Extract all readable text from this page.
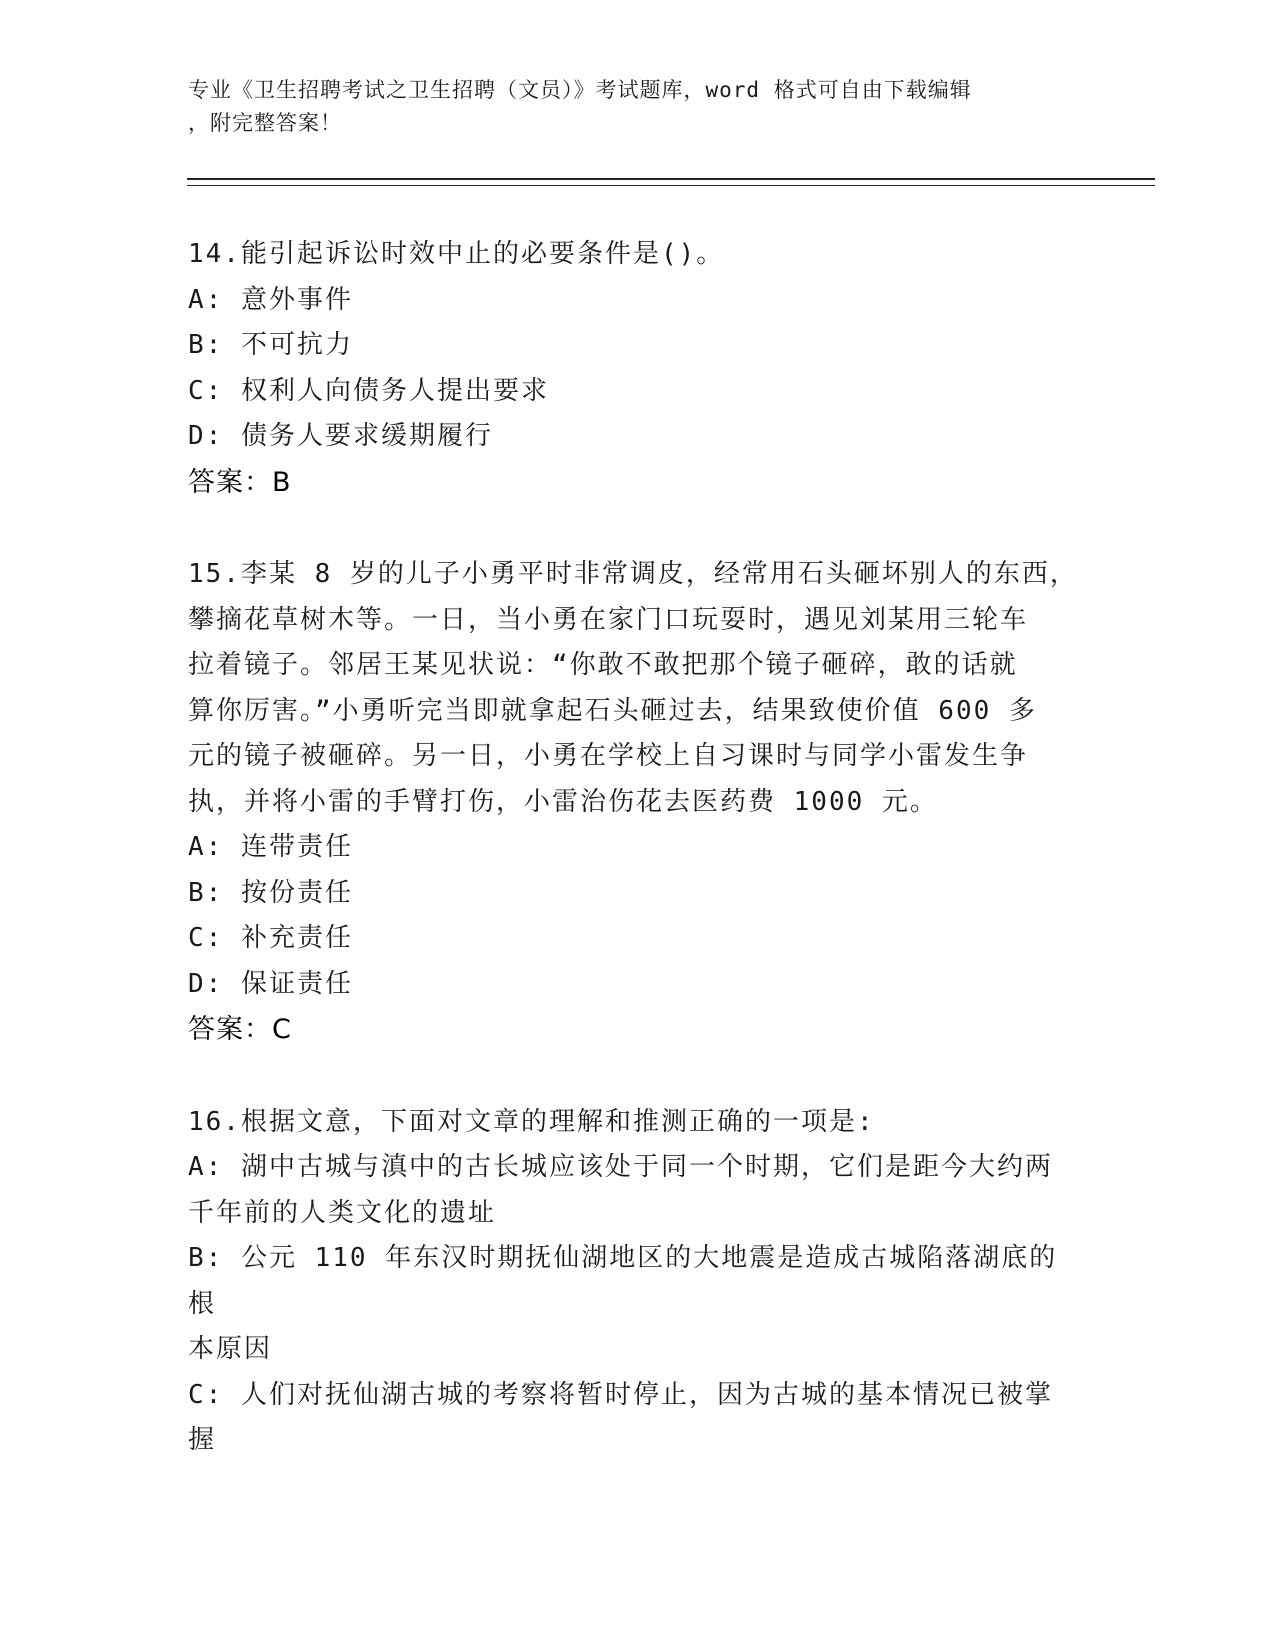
专业《卫生招聘考试之卫生招聘（文员）》考试题库，word 格式可自由下载编辑
，附完整答案！
14.能引起诉讼时效中止的必要条件是()。
A: 意外事件
B: 不可抗力
C: 权利人向债务人提出要求
D: 债务人要求缓期履行
答案：B
15.李某 8 岁的儿子小勇平时非常调皮，经常用石头砸坏别人的东西，
攀摘花草树木等。一日，当小勇在家门口玩耍时，遇见刘某用三轮车
拉着镜子。邻居王某见状说：“你敢不敢把那个镜子砸碎，敢的话就
算你厉害。”小勇听完当即就拿起石头砸过去，结果致使价值 600 多
元的镜子被砸碎。另一日，小勇在学校上自习课时与同学小雷发生争
执，并将小雷的手臂打伤，小雷治伤花去医药费 1000 元。
A: 连带责任
B: 按份责任
C: 补充责任
D: 保证责任
答案：C
16.根据文意，下面对文章的理解和推测正确的一项是:
A: 湖中古城与滇中的古长城应该处于同一个时期，它们是距今大约两
千年前的人类文化的遗址
B: 公元 110 年东汉时期抚仙湖地区的大地震是造成古城陷落湖底的根
本原因
C: 人们对抚仙湖古城的考察将暂时停止，因为古城的基本情况已被掌
握
